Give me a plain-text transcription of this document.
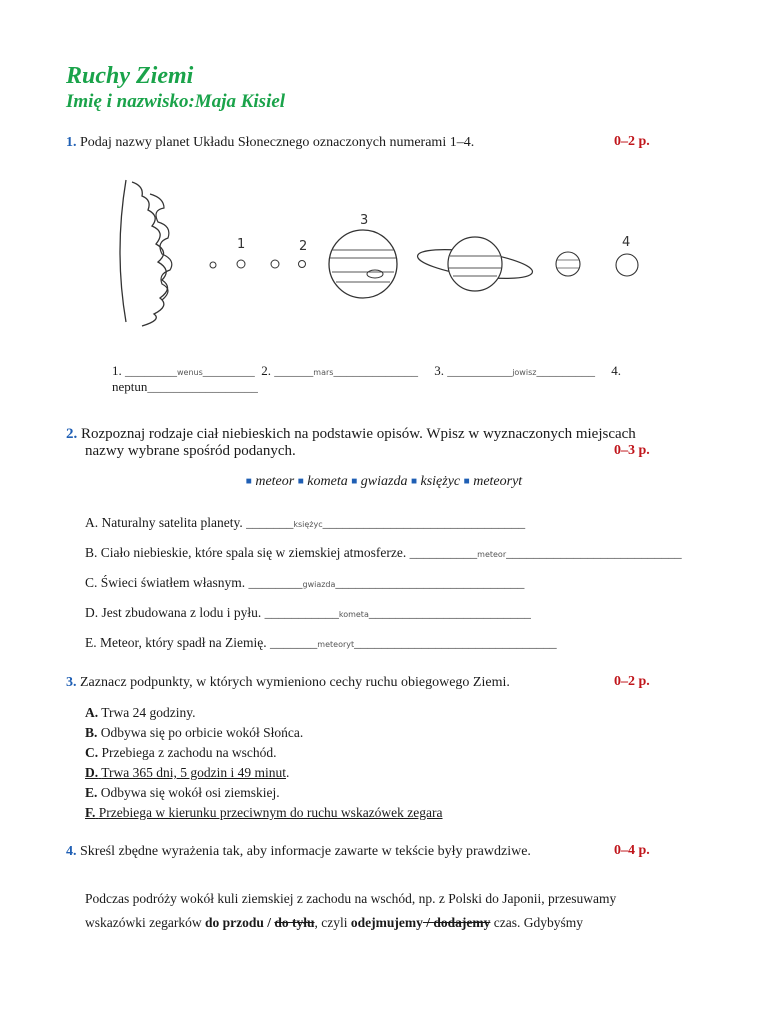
Ruchy Ziemi
Imię i nazwisko:Maja Kisiel
1. Podaj nazwy planet Układu Słonecznego oznaczonych numerami 1–4.	0–2 p.
1	2
3
4
1. ________wenus________ 2. ______mars_____________ 3. __________jowisz_________ 4.
neptun_________________
2. Rozpoznaj rodzaje ciał niebieskich na podstawie opisów. Wpisz w wyznaczonych miejscach
nazwy wybrane spośród podanych.	0–3 p.
■ meteor ■ kometa ■ gwiazda ■ księżyc ■ meteoryt
A. Naturalny satelita planety. _______księżyc______________________________
B. Ciało niebieskie, które spala się w ziemskiej atmosferze. __________meteor__________________________
C. Świeci światłem własnym. ________gwiazda____________________________
D. Jest zbudowana z lodu i pyłu. ___________kometa________________________
E. Meteor, który spadł na Ziemię. _______meteoryt______________________________
3. Zaznacz podpunkty, w których wymieniono cechy ruchu obiegowego Ziemi.	0–2 p.
A. Trwa 24 godziny.
B. Odbywa się po orbicie wokół Słońca.
C. Przebiega z zachodu na wschód.
D. Trwa 365 dni, 5 godzin i 49 minut.
E. Odbywa się wokół osi ziemskiej.
F. Przebiega w kierunku przeciwnym do ruchu wskazówek zegara
4. Skreśl zbędne wyrażenia tak, aby informacje zawarte w tekście były prawdziwe.	0–4 p.
Podczas podróży wokół kuli ziemskiej z zachodu na wschód, np. z Polski do Japonii, przesuwamy
wskazówki zegarków do przodu / do tyłu, czyli odejmujemy / dodajemy czas. Gdybyśmy
